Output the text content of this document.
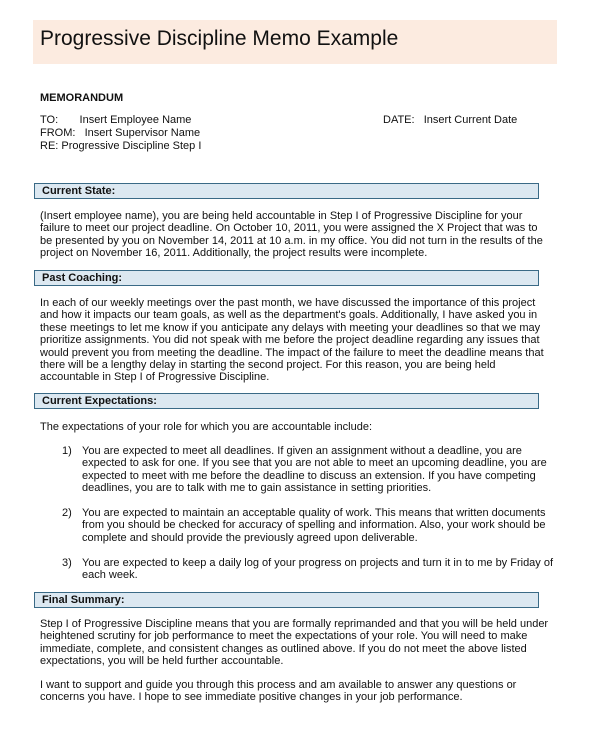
Progressive Discipline Memo Example
MEMORANDUM
TO:       Insert Employee Name
FROM:   Insert Supervisor Name
RE: Progressive Discipline Step I
DATE:   Insert Current Date
Current State:
(Insert employee name), you are being held accountable in Step I of Progressive Discipline for your
failure to meet our project deadline. On October 10, 2011, you were assigned the X Project that was to
be presented by you on November 14, 2011 at 10 a.m. in my office. You did not turn in the results of the
project on November 16, 2011. Additionally, the project results were incomplete.
Past Coaching:
In each of our weekly meetings over the past month, we have discussed the importance of this project
and how it impacts our team goals, as well as the department's goals. Additionally, I have asked you in
these meetings to let me know if you anticipate any delays with meeting your deadlines so that we may
prioritize assignments. You did not speak with me before the project deadline regarding any issues that
would prevent you from meeting the deadline. The impact of the failure to meet the deadline means that
there will be a lengthy delay in starting the second project. For this reason, you are being held
accountable in Step I of Progressive Discipline.
Current Expectations:
The expectations of your role for which you are accountable include:
1) You are expected to meet all deadlines. If given an assignment without a deadline, you are
expected to ask for one. If you see that you are not able to meet an upcoming deadline, you are
expected to meet with me before the deadline to discuss an extension. If you have competing
deadlines, you are to talk with me to gain assistance in setting priorities.
2) You are expected to maintain an acceptable quality of work. This means that written documents
from you should be checked for accuracy of spelling and information. Also, your work should be
complete and should provide the previously agreed upon deliverable.
3) You are expected to keep a daily log of your progress on projects and turn it in to me by Friday of
each week.
Final Summary:
Step I of Progressive Discipline means that you are formally reprimanded and that you will be held under
heightened scrutiny for job performance to meet the expectations of your role. You will need to make
immediate, complete, and consistent changes as outlined above. If you do not meet the above listed
expectations, you will be held further accountable.
I want to support and guide you through this process and am available to answer any questions or
concerns you have. I hope to see immediate positive changes in your job performance.
